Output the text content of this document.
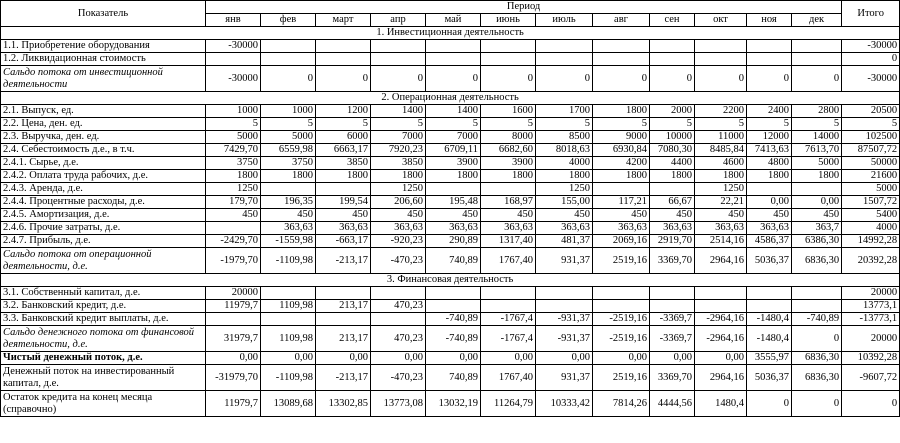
Показатель	Период												Итого
	янв	фев	март	апр	май	июнь	июль	авг	сен	окт	ноя	дек	
1. Инвестиционная деятельность													
1.1. Приобретение оборудования	-30000												-30000
1.2. Ликвидационная стоимость													0
Сальдо потока от инвестиционной деятельности	-30000	0	0	0	0	0	0	0	0	0	0	0	-30000
2. Операционная деятельность													
2.1. Выпуск, ед.	1000	1000	1200	1400	1400	1600	1700	1800	2000	2200	2400	2800	20500
2.2. Цена, ден. ед.	5	5	5	5	5	5	5	5	5	5	5	5	5
2.3. Выручка, ден. ед.	5000	5000	6000	7000	7000	8000	8500	9000	10000	11000	12000	14000	102500
2.4. Себестоимость д.е., в т.ч.	7429,70	6559,98	6663,17	7920,23	6709,11	6682,60	8018,63	6930,84	7080,30	8485,84	7413,63	7613,70	87507,72
2.4.1. Сырье, д.е.	3750	3750	3850	3850	3900	3900	4000	4200	4400	4600	4800	5000	50000
2.4.2. Оплата труда рабочих, д.е.	1800	1800	1800	1800	1800	1800	1800	1800	1800	1800	1800	1800	21600
2.4.3. Аренда, д.е.	1250			1250			1250			1250			5000
2.4.4. Процентные расходы, д.е.	179,70	196,35	199,54	206,60	195,48	168,97	155,00	117,21	66,67	22,21	0,00	0,00	1507,72
2.4.5. Амортизация, д.е.	450	450	450	450	450	450	450	450	450	450	450	450	5400
2.4.6. Прочие затраты, д.е.		363,63	363,63	363,63	363,63	363,63	363,63	363,63	363,63	363,63	363,63	363,7	4000
2.4.7. Прибыль, д.е.	-2429,70	-1559,98	-663,17	-920,23	290,89	1317,40	481,37	2069,16	2919,70	2514,16	4586,37	6386,30	14992,28
Сальдо потока от операционной деятельности, д.е.	-1979,70	-1109,98	-213,17	-470,23	740,89	1767,40	931,37	2519,16	3369,70	2964,16	5036,37	6836,30	20392,28
3. Финансовая деятельность													
3.1. Собственный капитал, д.е.	20000												20000
3.2. Банковский кредит, д.е.	11979,7	1109,98	213,17	470,23									13773,1
3.3. Банковский кредит выплаты, д.е.					-740,89	-1767,4	-931,37	-2519,16	-3369,7	-2964,16	-1480,4	-740,89	-13773,1
Сальдо денежного потока от финансовой деятельности, д.е.	31979,7	1109,98	213,17	470,23	-740,89	-1767,4	-931,37	-2519,16	-3369,7	-2964,16	-1480,4	0	20000
Чистый денежный поток, д.е.	0,00	0,00	0,00	0,00	0,00	0,00	0,00	0,00	0,00	0,00	3555,97	6836,30	10392,28
Денежный поток на инвестированный капитал, д.е.	-31979,70	-1109,98	-213,17	-470,23	740,89	1767,40	931,37	2519,16	3369,70	2964,16	5036,37	6836,30	-9607,72
Остаток кредита на конец месяца (справочно)	11979,7	13089,68	13302,85	13773,08	13032,19	11264,79	10333,42	7814,26	4444,56	1480,4	0	0	0
